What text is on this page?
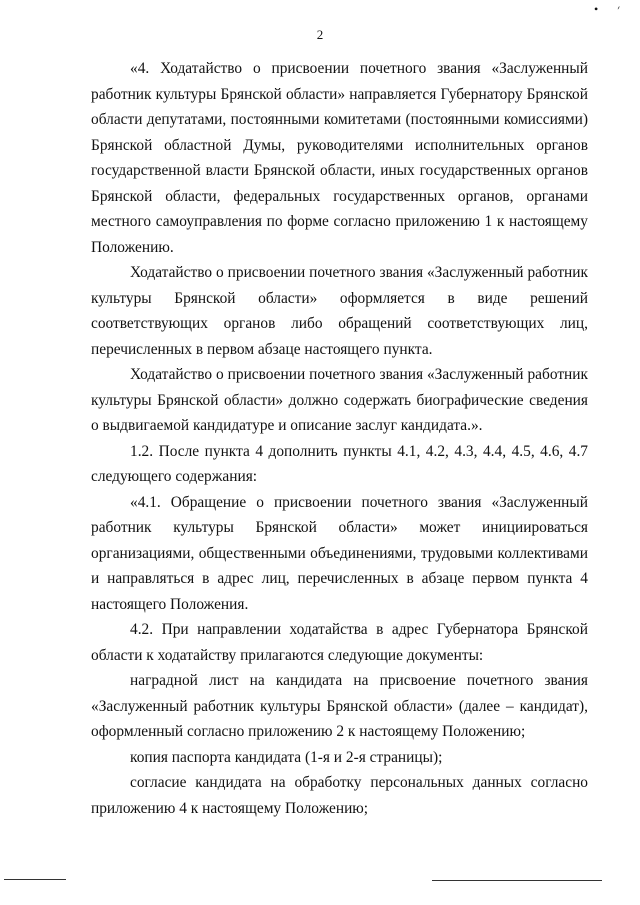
• ׳
2

«4. Ходатайство о присвоении почетного звания «Заслуженный работник культуры Брянской области» направляется Губернатору Брянской области депутатами, постоянными комитетами (постоянными комиссиями) Брянской областной Думы, руководителями исполнительных органов государственной власти Брянской области, иных государственных органов Брянской области, федеральных государственных органов, органами местного самоуправления по форме согласно приложению 1 к настоящему Положению.

Ходатайство о присвоении почетного звания «Заслуженный работник культуры Брянской области» оформляется в виде решений соответствующих органов либо обращений соответствующих лиц, перечисленных в первом абзаце настоящего пункта.

Ходатайство о присвоении почетного звания «Заслуженный работник культуры Брянской области» должно содержать биографические сведения о выдвигаемой кандидатуре и описание заслуг кандидата.».

1.2. После пункта 4 дополнить пункты 4.1, 4.2, 4.3, 4.4, 4.5, 4.6, 4.7 следующего содержания:

«4.1. Обращение о присвоении почетного звания «Заслуженный работник культуры Брянской области» может инициироваться организациями, общественными объединениями, трудовыми коллективами и направляться в адрес лиц, перечисленных в абзаце первом пункта 4 настоящего Положения.

4.2. При направлении ходатайства в адрес Губернатора Брянской области к ходатайству прилагаются следующие документы:

наградной лист на кандидата на присвоение почетного звания «Заслуженный работник культуры Брянской области» (далее – кандидат), оформленный согласно приложению 2 к настоящему Положению;

копия паспорта кандидата (1-я и 2-я страницы);

согласие кандидата на обработку персональных данных согласно приложению 4 к настоящему Положению;
